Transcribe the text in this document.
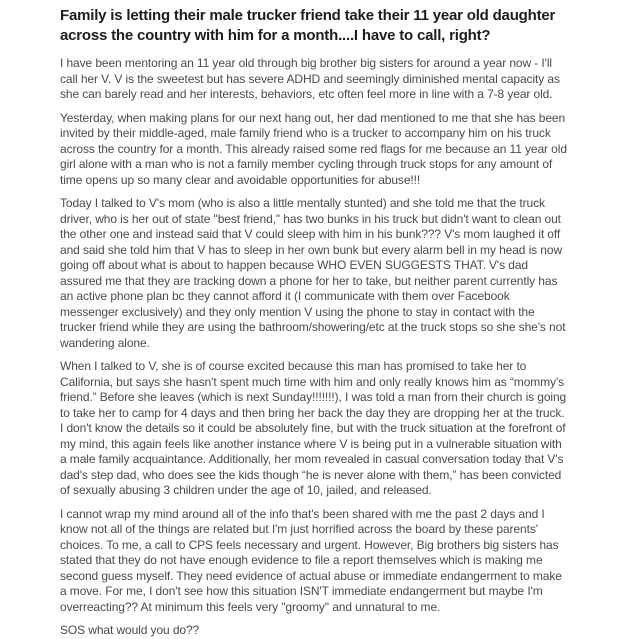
Family is letting their male trucker friend take their 11 year old daughter across the country with him for a month....I have to call, right?

I have been mentoring an 11 year old through big brother big sisters for around a year now - I'll call her V. V is the sweetest but has severe ADHD and seemingly diminished mental capacity as she can barely read and her interests, behaviors, etc often feel more in line with a 7-8 year old.

Yesterday, when making plans for our next hang out, her dad mentioned to me that she has been invited by their middle-aged, male family friend who is a trucker to accompany him on his truck across the country for a month. This already raised some red flags for me because an 11 year old girl alone with a man who is not a family member cycling through truck stops for any amount of time opens up so many clear and avoidable opportunities for abuse!!!

Today I talked to V's mom (who is also a little mentally stunted) and she told me that the truck driver, who is her out of state "best friend," has two bunks in his truck but didn't want to clean out the other one and instead said that V could sleep with him in his bunk??? V's mom laughed it off and said she told him that V has to sleep in her own bunk but every alarm bell in my head is now going off about what is about to happen because WHO EVEN SUGGESTS THAT. V's dad assured me that they are tracking down a phone for her to take, but neither parent currently has an active phone plan bc they cannot afford it (I communicate with them over Facebook messenger exclusively) and they only mention V using the phone to stay in contact with the trucker friend while they are using the bathroom/showering/etc at the truck stops so she she's not wandering alone.

When I talked to V, she is of course excited because this man has promised to take her to California, but says she hasn't spent much time with him and only really knows him as “mommy's friend.” Before she leaves (which is next Sunday!!!!!!!), I was told a man from their church is going to take her to camp for 4 days and then bring her back the day they are dropping her at the truck. I don't know the details so it could be absolutely fine, but with the truck situation at the forefront of my mind, this again feels like another instance where V is being put in a vulnerable situation with a male family acquaintance. Additionally, her mom revealed in casual conversation today that V's dad's step dad, who does see the kids though “he is never alone with them,” has been convicted of sexually abusing 3 children under the age of 10, jailed, and released.

I cannot wrap my mind around all of the info that's been shared with me the past 2 days and I know not all of the things are related but I'm just horrified across the board by these parents' choices. To me, a call to CPS feels necessary and urgent. However, Big brothers big sisters has stated that they do not have enough evidence to file a report themselves which is making me second guess myself. They need evidence of actual abuse or immediate endangerment to make a move. For me, I don't see how this situation ISN'T immediate endangerment but maybe I'm overreacting?? At minimum this feels very "groomy" and unnatural to me.

SOS what would you do??
